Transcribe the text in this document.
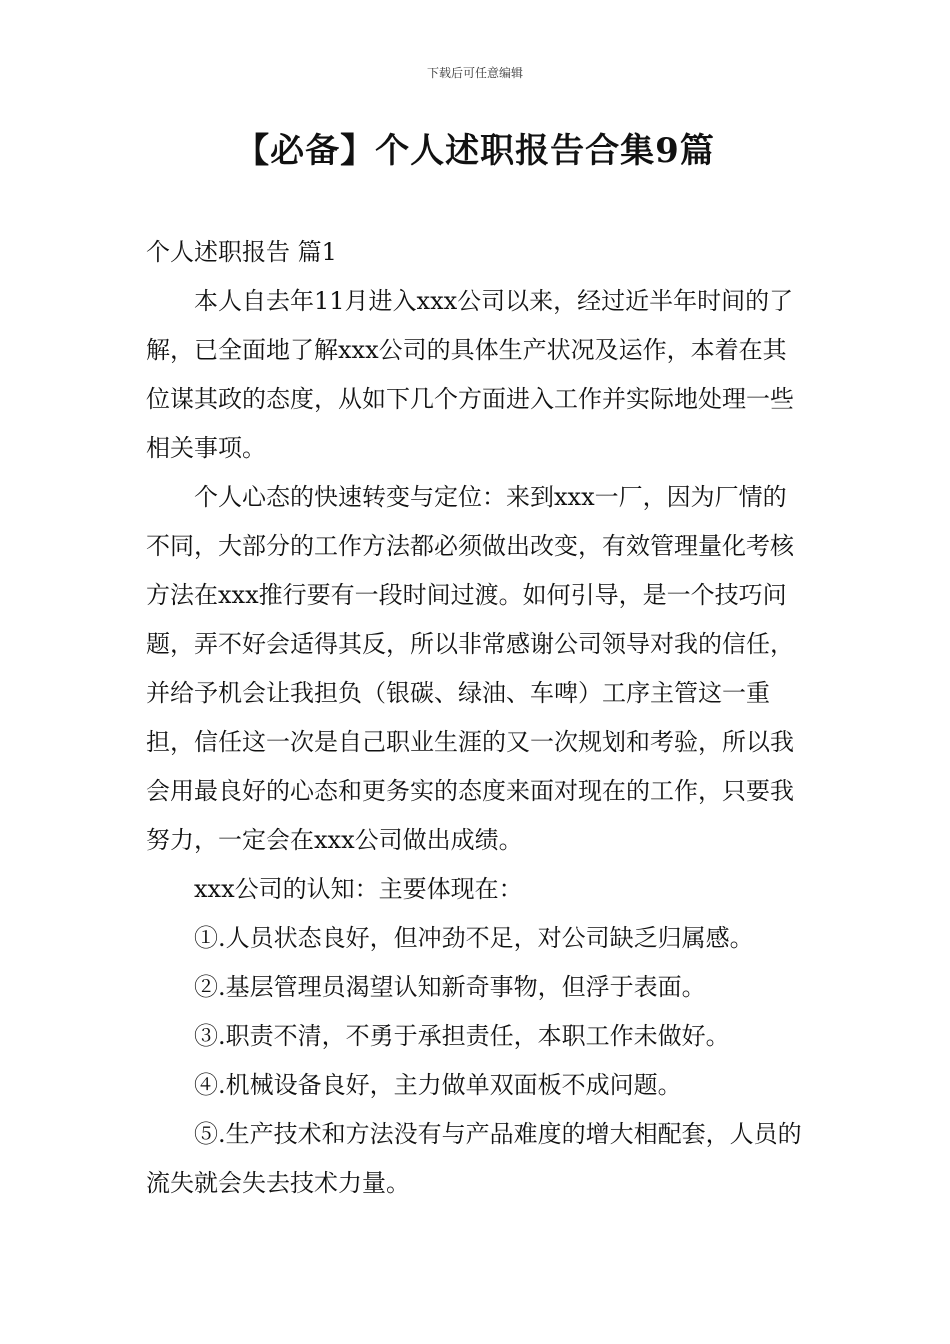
下载后可任意编辑
【必备】个人述职报告合集9篇
个人述职报告 篇1

本人自去年11月进入xxx公司以来，经过近半年时间的了解，已全面地了解xxx公司的具体生产状况及运作，本着在其位谋其政的态度，从如下几个方面进入工作并实际地处理一些相关事项。

个人心态的快速转变与定位：来到xxx一厂，因为厂情的不同，大部分的工作方法都必须做出改变，有效管理量化考核方法在xxx推行要有一段时间过渡。如何引导，是一个技巧问题，弄不好会适得其反，所以非常感谢公司领导对我的信任，并给予机会让我担负（银碳、绿油、车啤）工序主管这一重担，信任这一次是自己职业生涯的又一次规划和考验，所以我会用最良好的心态和更务实的态度来面对现在的工作，只要我努力，一定会在xxx公司做出成绩。

xxx公司的认知：主要体现在：

①.人员状态良好，但冲劲不足，对公司缺乏归属感。

②.基层管理员渴望认知新奇事物，但浮于表面。

③.职责不清，不勇于承担责任，本职工作未做好。

④.机械设备良好，主力做单双面板不成问题。

⑤.生产技术和方法没有与产品难度的增大相配套，人员的流失就会失去技术力量。
